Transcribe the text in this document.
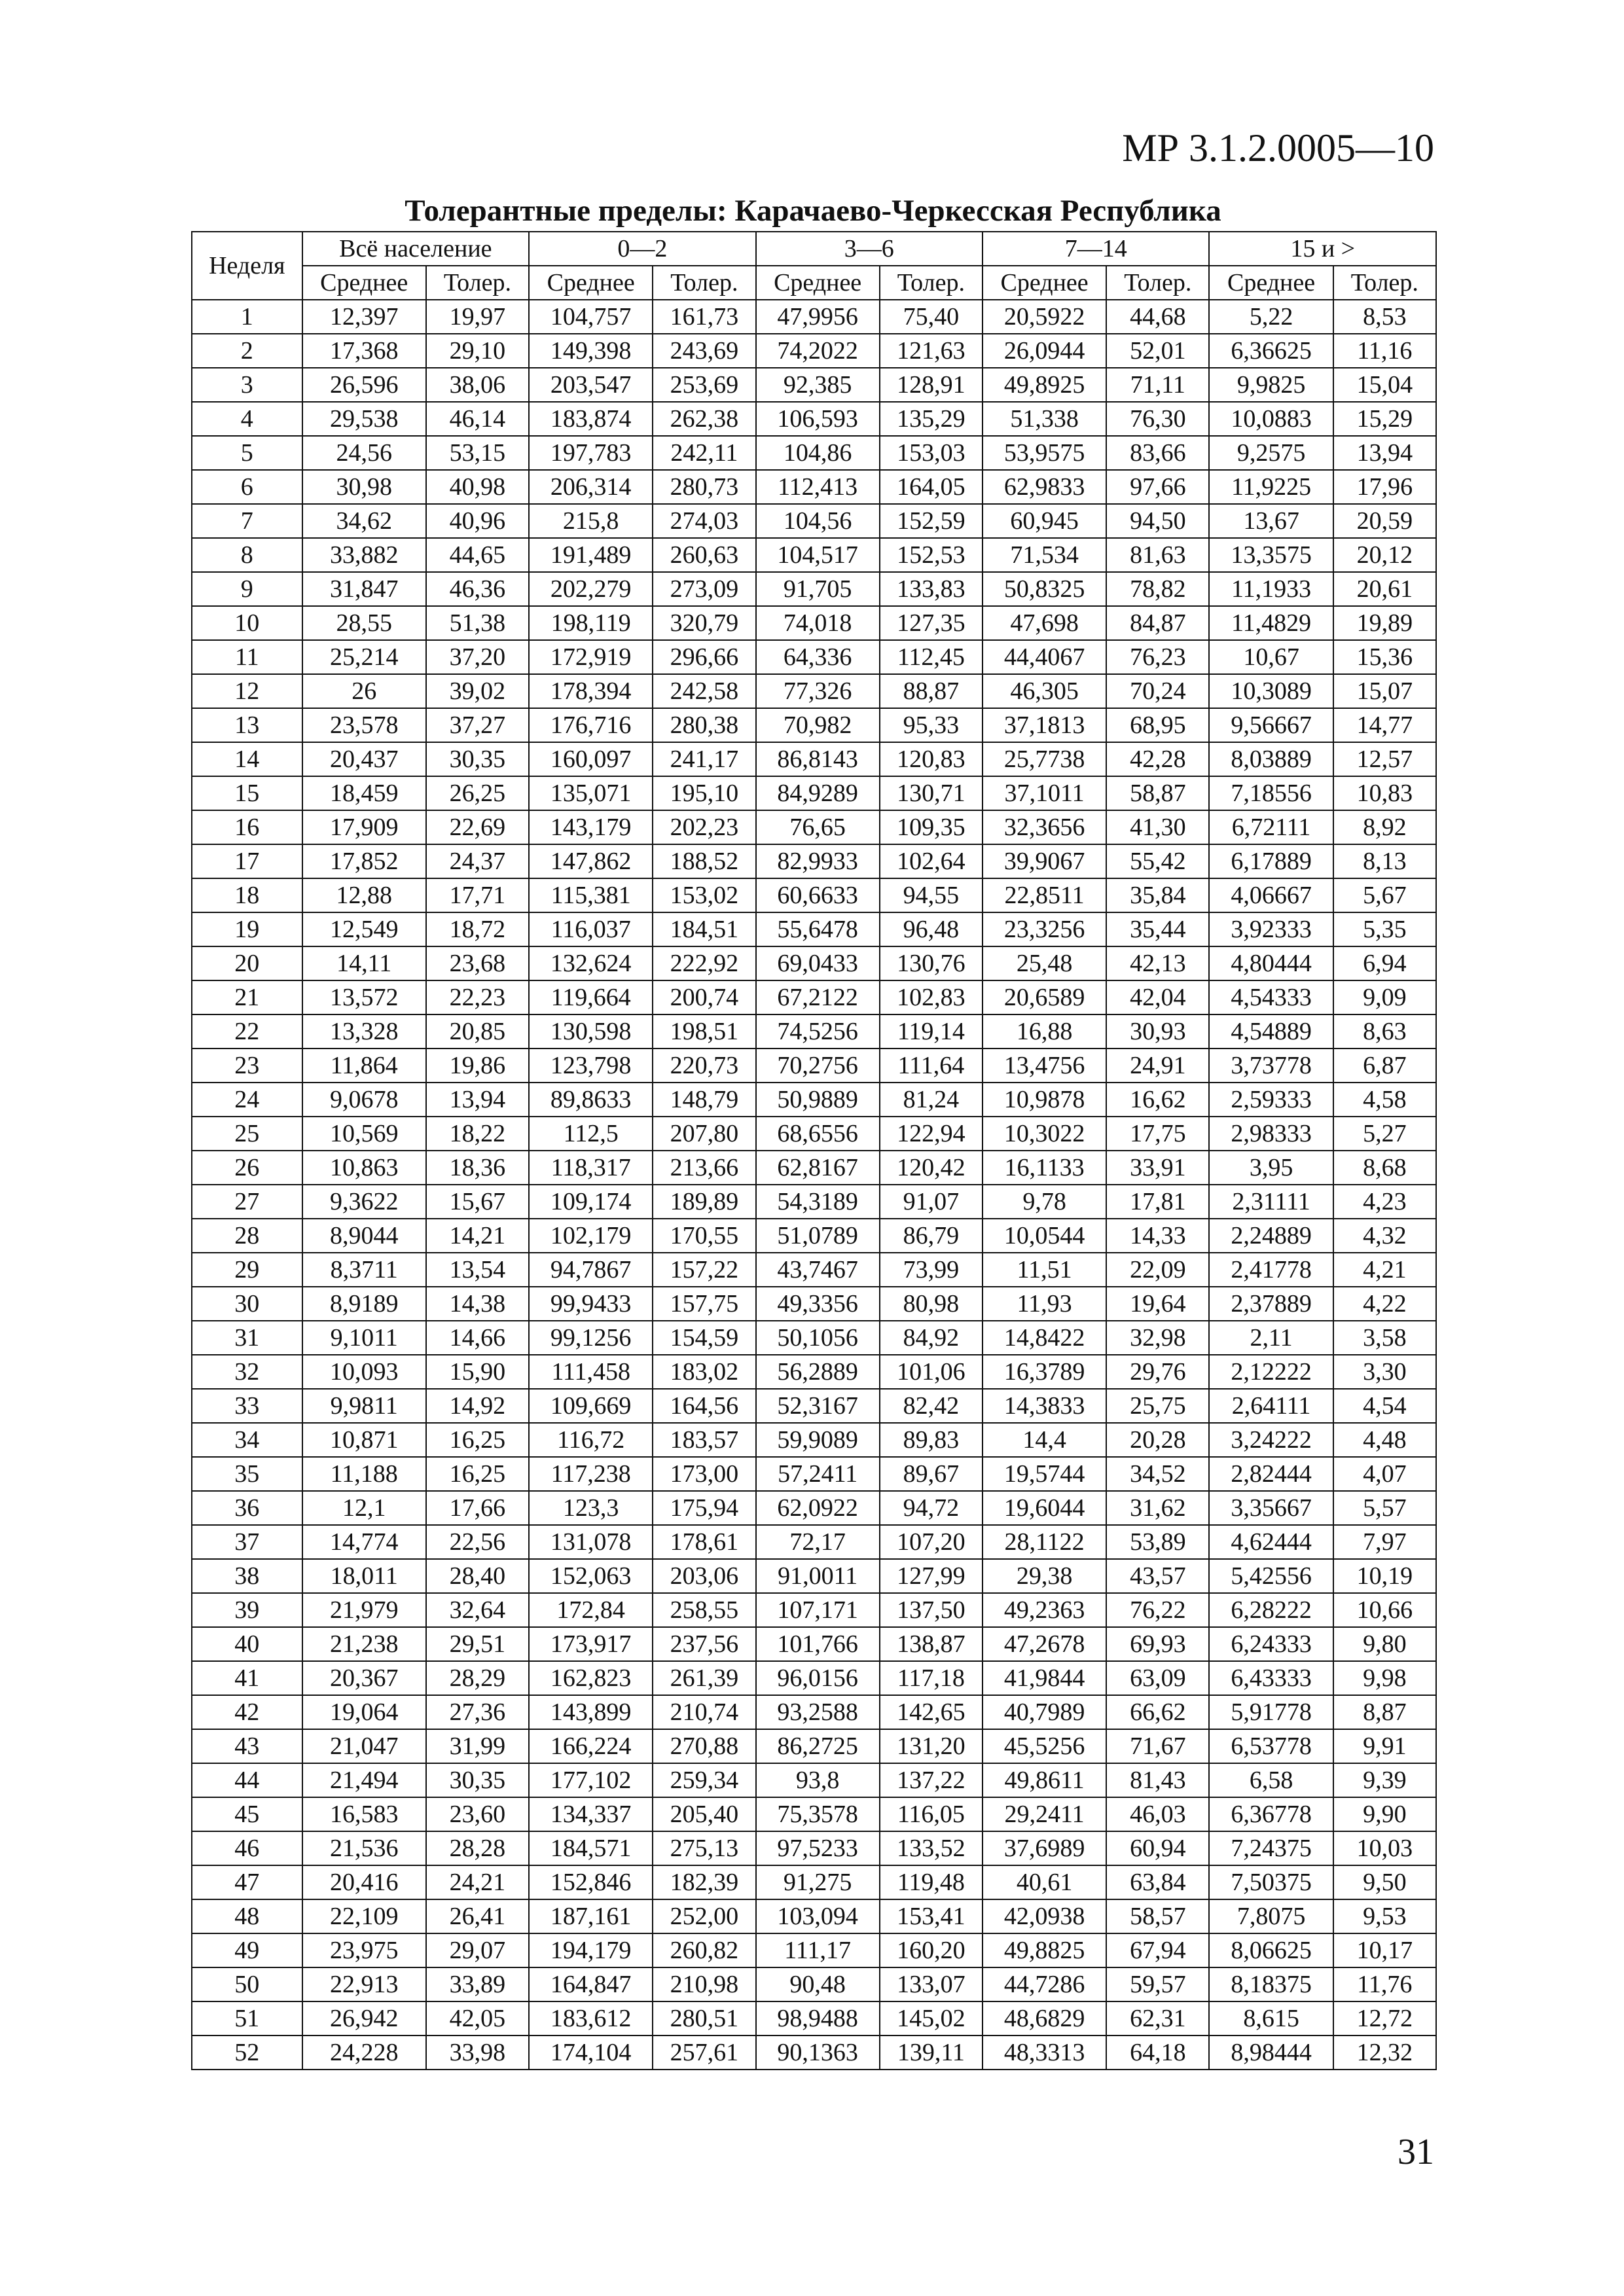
МР 3.1.2.0005—10
Толерантные пределы: Карачаево-Черкесская Республика
Неделя	Всё население		0—2		3—6		7—14		15 и >	
	Среднее	Толер.	Среднее	Толер.	Среднее	Толер.	Среднее	Толер.	Среднее	Толер.
1	12,397	19,97	104,757	161,73	47,9956	75,40	20,5922	44,68	5,22	8,53
2	17,368	29,10	149,398	243,69	74,2022	121,63	26,0944	52,01	6,36625	11,16
3	26,596	38,06	203,547	253,69	92,385	128,91	49,8925	71,11	9,9825	15,04
4	29,538	46,14	183,874	262,38	106,593	135,29	51,338	76,30	10,0883	15,29
5	24,56	53,15	197,783	242,11	104,86	153,03	53,9575	83,66	9,2575	13,94
6	30,98	40,98	206,314	280,73	112,413	164,05	62,9833	97,66	11,9225	17,96
7	34,62	40,96	215,8	274,03	104,56	152,59	60,945	94,50	13,67	20,59
8	33,882	44,65	191,489	260,63	104,517	152,53	71,534	81,63	13,3575	20,12
9	31,847	46,36	202,279	273,09	91,705	133,83	50,8325	78,82	11,1933	20,61
10	28,55	51,38	198,119	320,79	74,018	127,35	47,698	84,87	11,4829	19,89
11	25,214	37,20	172,919	296,66	64,336	112,45	44,4067	76,23	10,67	15,36
12	26	39,02	178,394	242,58	77,326	88,87	46,305	70,24	10,3089	15,07
13	23,578	37,27	176,716	280,38	70,982	95,33	37,1813	68,95	9,56667	14,77
14	20,437	30,35	160,097	241,17	86,8143	120,83	25,7738	42,28	8,03889	12,57
15	18,459	26,25	135,071	195,10	84,9289	130,71	37,1011	58,87	7,18556	10,83
16	17,909	22,69	143,179	202,23	76,65	109,35	32,3656	41,30	6,72111	8,92
17	17,852	24,37	147,862	188,52	82,9933	102,64	39,9067	55,42	6,17889	8,13
18	12,88	17,71	115,381	153,02	60,6633	94,55	22,8511	35,84	4,06667	5,67
19	12,549	18,72	116,037	184,51	55,6478	96,48	23,3256	35,44	3,92333	5,35
20	14,11	23,68	132,624	222,92	69,0433	130,76	25,48	42,13	4,80444	6,94
21	13,572	22,23	119,664	200,74	67,2122	102,83	20,6589	42,04	4,54333	9,09
22	13,328	20,85	130,598	198,51	74,5256	119,14	16,88	30,93	4,54889	8,63
23	11,864	19,86	123,798	220,73	70,2756	111,64	13,4756	24,91	3,73778	6,87
24	9,0678	13,94	89,8633	148,79	50,9889	81,24	10,9878	16,62	2,59333	4,58
25	10,569	18,22	112,5	207,80	68,6556	122,94	10,3022	17,75	2,98333	5,27
26	10,863	18,36	118,317	213,66	62,8167	120,42	16,1133	33,91	3,95	8,68
27	9,3622	15,67	109,174	189,89	54,3189	91,07	9,78	17,81	2,31111	4,23
28	8,9044	14,21	102,179	170,55	51,0789	86,79	10,0544	14,33	2,24889	4,32
29	8,3711	13,54	94,7867	157,22	43,7467	73,99	11,51	22,09	2,41778	4,21
30	8,9189	14,38	99,9433	157,75	49,3356	80,98	11,93	19,64	2,37889	4,22
31	9,1011	14,66	99,1256	154,59	50,1056	84,92	14,8422	32,98	2,11	3,58
32	10,093	15,90	111,458	183,02	56,2889	101,06	16,3789	29,76	2,12222	3,30
33	9,9811	14,92	109,669	164,56	52,3167	82,42	14,3833	25,75	2,64111	4,54
34	10,871	16,25	116,72	183,57	59,9089	89,83	14,4	20,28	3,24222	4,48
35	11,188	16,25	117,238	173,00	57,2411	89,67	19,5744	34,52	2,82444	4,07
36	12,1	17,66	123,3	175,94	62,0922	94,72	19,6044	31,62	3,35667	5,57
37	14,774	22,56	131,078	178,61	72,17	107,20	28,1122	53,89	4,62444	7,97
38	18,011	28,40	152,063	203,06	91,0011	127,99	29,38	43,57	5,42556	10,19
39	21,979	32,64	172,84	258,55	107,171	137,50	49,2363	76,22	6,28222	10,66
40	21,238	29,51	173,917	237,56	101,766	138,87	47,2678	69,93	6,24333	9,80
41	20,367	28,29	162,823	261,39	96,0156	117,18	41,9844	63,09	6,43333	9,98
42	19,064	27,36	143,899	210,74	93,2588	142,65	40,7989	66,62	5,91778	8,87
43	21,047	31,99	166,224	270,88	86,2725	131,20	45,5256	71,67	6,53778	9,91
44	21,494	30,35	177,102	259,34	93,8	137,22	49,8611	81,43	6,58	9,39
45	16,583	23,60	134,337	205,40	75,3578	116,05	29,2411	46,03	6,36778	9,90
46	21,536	28,28	184,571	275,13	97,5233	133,52	37,6989	60,94	7,24375	10,03
47	20,416	24,21	152,846	182,39	91,275	119,48	40,61	63,84	7,50375	9,50
48	22,109	26,41	187,161	252,00	103,094	153,41	42,0938	58,57	7,8075	9,53
49	23,975	29,07	194,179	260,82	111,17	160,20	49,8825	67,94	8,06625	10,17
50	22,913	33,89	164,847	210,98	90,48	133,07	44,7286	59,57	8,18375	11,76
51	26,942	42,05	183,612	280,51	98,9488	145,02	48,6829	62,31	8,615	12,72
52	24,228	33,98	174,104	257,61	90,1363	139,11	48,3313	64,18	8,98444	12,32
31
